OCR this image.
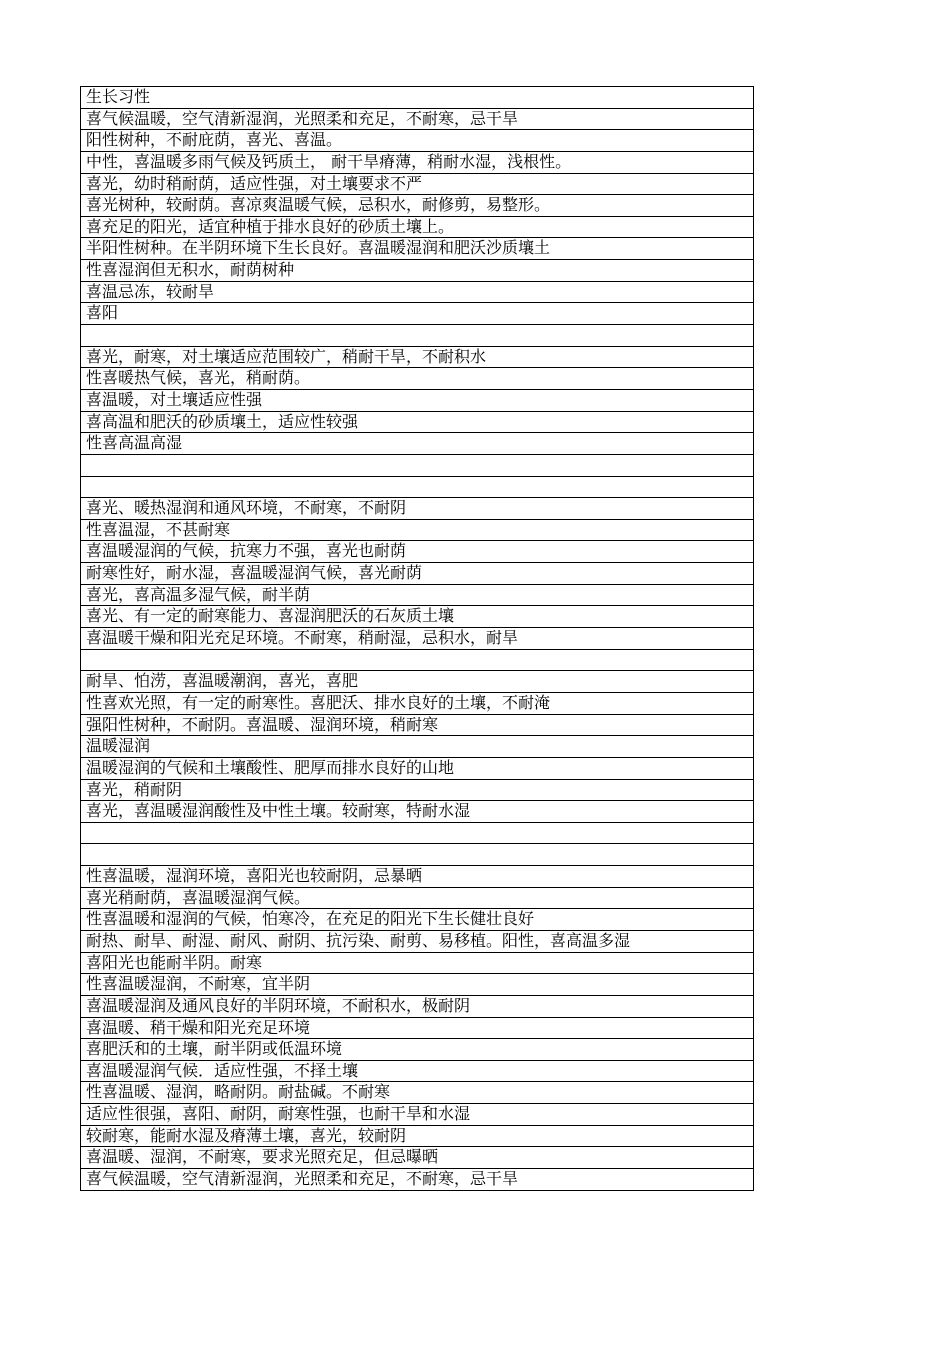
生长习性
喜气候温暖，空气清新湿润，光照柔和充足，不耐寒，忌干旱
阳性树种，不耐庇荫，喜光、喜温。
中性，喜温暖多雨气候及钙质土， 耐干旱瘠薄，稍耐水湿，浅根性。
喜光，幼时稍耐荫，适应性强，对土壤要求不严
喜光树种，较耐荫。喜凉爽温暖气候，忌积水，耐修剪，易整形。
喜充足的阳光，适宜种植于排水良好的砂质土壤上。
半阳性树种。在半阴环境下生长良好。喜温暖湿润和肥沃沙质壤土
性喜湿润但无积水，耐荫树种
喜温忌冻，较耐旱
喜阳
喜光，耐寒，对土壤适应范围较广，稍耐干旱，不耐积水
性喜暖热气候，喜光，稍耐荫。
喜温暖，对土壤适应性强
喜高温和肥沃的砂质壤土，适应性较强
性喜高温高湿
喜光、暖热湿润和通风环境，不耐寒，不耐阴
性喜温湿，不甚耐寒
喜温暖湿润的气候，抗寒力不强，喜光也耐荫
耐寒性好，耐水湿，喜温暖湿润气候，喜光耐荫
喜光，喜高温多湿气候，耐半荫
喜光、有一定的耐寒能力、喜湿润肥沃的石灰质土壤
喜温暖干燥和阳光充足环境。不耐寒，稍耐湿，忌积水，耐旱
耐旱、怕涝，喜温暖潮润，喜光，喜肥
性喜欢光照，有一定的耐寒性。喜肥沃、排水良好的土壤，不耐淹
强阳性树种，不耐阴。喜温暖、湿润环境，稍耐寒
温暖湿润
温暖湿润的气候和土壤酸性、肥厚而排水良好的山地
喜光，稍耐阴
喜光，喜温暖湿润酸性及中性土壤。较耐寒，特耐水湿
性喜温暖，湿润环境，喜阳光也较耐阴，忌暴晒
喜光稍耐荫，喜温暖湿润气候。
性喜温暖和湿润的气候，怕寒冷，在充足的阳光下生长健壮良好
耐热、耐旱、耐湿、耐风、耐阴、抗污染、耐剪、易移植。阳性，喜高温多湿
喜阳光也能耐半阴。耐寒
性喜温暖湿润，不耐寒，宜半阴
喜温暖湿润及通风良好的半阴环境，不耐积水，极耐阴
喜温暖、稍干燥和阳光充足环境
喜肥沃和的土壤，耐半阴或低温环境
喜温暖湿润气候．适应性强，不择土壤
性喜温暖、湿润，略耐阴。耐盐碱。不耐寒
适应性很强，喜阳、耐阴，耐寒性强，也耐干旱和水湿
较耐寒，能耐水湿及瘠薄土壤，喜光，较耐阴
喜温暖、湿润，不耐寒，要求光照充足，但忌曝晒
喜气候温暖，空气清新湿润，光照柔和充足，不耐寒，忌干旱
